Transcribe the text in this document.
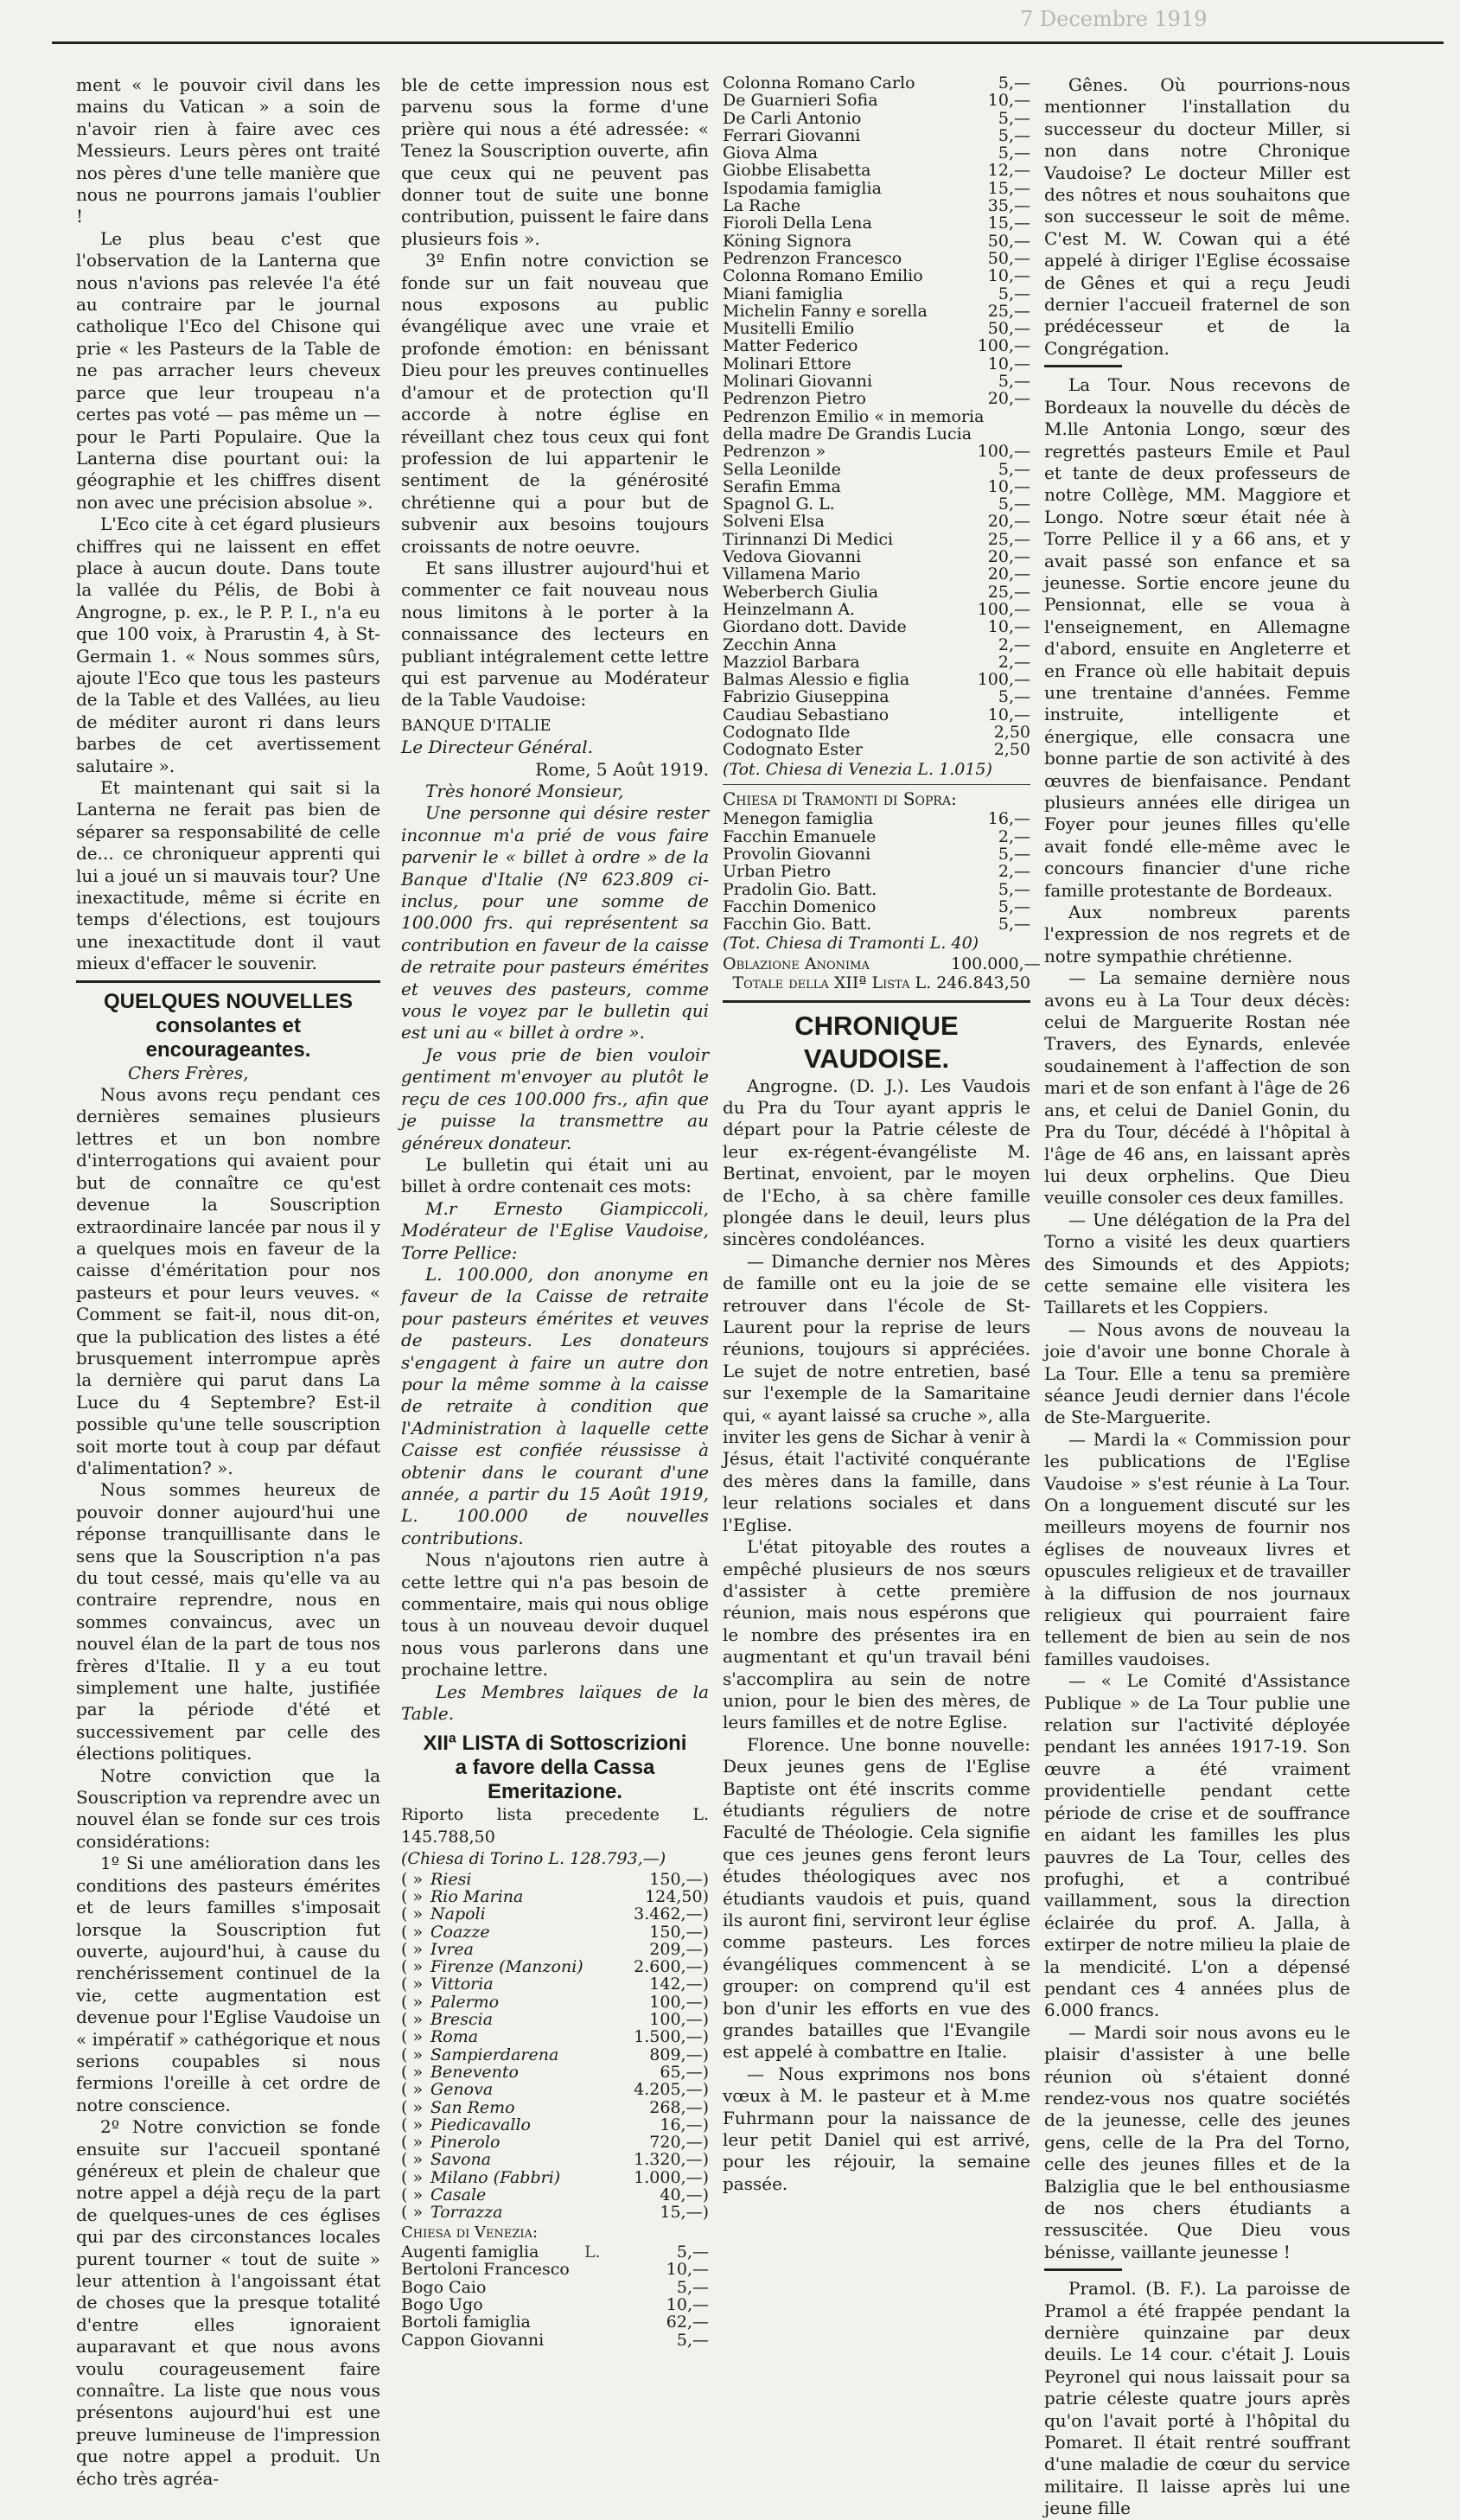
7 Decembre 1919

ment « le pouvoir civil dans les mains du Vatican » a soin de n'avoir rien à faire avec ces Messieurs. Leurs pères ont traité nos pères d'une telle manière que nous ne pourrons jamais l'oublier !

Le plus beau c'est que l'observation de la Lanterna que nous n'avions pas relevée l'a été au contraire par le journal catholique l'Eco del Chisone qui prie « les Pasteurs de la Table de ne pas arracher leurs cheveux parce que leur troupeau n'a certes pas voté — pas même un — pour le Parti Populaire. Que la Lanterna dise pourtant oui: la géographie et les chiffres disent non avec une précision absolue ».

L'Eco cite à cet égard plusieurs chiffres qui ne laissent en effet place à aucun doute. Dans toute la vallée du Pélis, de Bobi à Angrogne, p. ex., le P. P. I., n'a eu que 100 voix, à Prarustin 4, à St-Germain 1. « Nous sommes sûrs, ajoute l'Eco que tous les pasteurs de la Table et des Vallées, au lieu de méditer auront ri dans leurs barbes de cet avertissement salutaire ».

Et maintenant qui sait si la Lanterna ne ferait pas bien de séparer sa responsabilité de celle de... ce chroniqueur apprenti qui lui a joué un si mauvais tour? Une inexactitude, même si écrite en temps d'élections, est toujours une inexactitude dont il vaut mieux d'effacer le souvenir.

QUELQUES NOUVELLES
consolantes et encourageantes.

Chers Frères,

Nous avons reçu pendant ces dernières semaines plusieurs lettres et un bon nombre d'interrogations qui avaient pour but de connaître ce qu'est devenue la Souscription extraordinaire lancée par nous il y a quelques mois en faveur de la caisse d'éméritation pour nos pasteurs et pour leurs veuves. « Comment se fait-il, nous dit-on, que la publication des listes a été brusquement interrompue après la dernière qui parut dans La Luce du 4 Septembre? Est-il possible qu'une telle souscription soit morte tout à coup par défaut d'alimentation? ».

Nous sommes heureux de pouvoir donner aujourd'hui une réponse tranquillisante dans le sens que la Souscription n'a pas du tout cessé, mais qu'elle va au contraire reprendre, nous en sommes convaincus, avec un nouvel élan de la part de tous nos frères d'Italie. Il y a eu tout simplement une halte, justifiée par la période d'été et successivement par celle des élections politiques.

Notre conviction que la Souscription va reprendre avec un nouvel élan se fonde sur ces trois considérations:

1º Si une amélioration dans les conditions des pasteurs émérites et de leurs familles s'imposait lorsque la Souscription fut ouverte, aujourd'hui, à cause du renchérissement continuel de la vie, cette augmentation est devenue pour l'Eglise Vaudoise un « impératif » cathégorique et nous serions coupables si nous fermions l'oreille à cet ordre de notre conscience.

2º Notre conviction se fonde ensuite sur l'accueil spontané généreux et plein de chaleur que notre appel a déjà reçu de la part de quelques-unes de ces églises qui par des circonstances locales purent tourner « tout de suite » leur attention à l'angoissant état de choses que la presque totalité d'entre elles ignoraient auparavant et que nous avons voulu courageusement faire connaître. La liste que nous vous présentons aujourd'hui est une preuve lumineuse de l'impression que notre appel a produit. Un écho très agréa-

ble de cette impression nous est parvenu sous la forme d'une prière qui nous a été adressée: « Tenez la Souscription ouverte, afin que ceux qui ne peuvent pas donner tout de suite une bonne contribution, puissent le faire dans plusieurs fois ».

3º Enfin notre conviction se fonde sur un fait nouveau que nous exposons au public évangélique avec une vraie et profonde émotion: en bénissant Dieu pour les preuves continuelles d'amour et de protection qu'Il accorde à notre église en réveillant chez tous ceux qui font profession de lui appartenir le sentiment de la générosité chrétienne qui a pour but de subvenir aux besoins toujours croissants de notre oeuvre.

Et sans illustrer aujourd'hui et commenter ce fait nouveau nous nous limitons à le porter à la connaissance des lecteurs en publiant intégralement cette lettre qui est parvenue au Modérateur de la Table Vaudoise:

BANQUE D'ITALIE

Le Directeur Général.

Rome, 5 Août 1919.

Très honoré Monsieur,

Une personne qui désire rester inconnue m'a prié de vous faire parvenir le « billet à ordre » de la Banque d'Italie (Nº 623.809 ci-inclus, pour une somme de 100.000 frs. qui représentent sa contribution en faveur de la caisse de retraite pour pasteurs émérites et veuves des pasteurs, comme vous le voyez par le bulletin qui est uni au « billet à ordre ».

Je vous prie de bien vouloir gentiment m'envoyer au plutôt le reçu de ces 100.000 frs., afin que je puisse la transmettre au généreux donateur.

Le bulletin qui était uni au billet à ordre contenait ces mots:

M.r Ernesto Giampiccoli, Modérateur de l'Eglise Vaudoise, Torre Pellice:

L. 100.000, don anonyme en faveur de la Caisse de retraite pour pasteurs émérites et veuves de pasteurs. Les donateurs s'engagent à faire un autre don pour la même somme à la caisse de retraite à condition que l'Administration à laquelle cette Caisse est confiée réussisse à obtenir dans le courant d'une année, a partir du 15 Août 1919, L. 100.000 de nouvelles contributions.

Nous n'ajoutons rien autre à cette lettre qui n'a pas besoin de commentaire, mais qui nous oblige tous à un nouveau devoir duquel nous vous parlerons dans une prochaine lettre.

Les Membres laïques de la Table.

XIIª LISTA di Sottoscrizioni
a favore della Cassa Emeritazione.

Riporto lista precedente L. 145.788,50

(Chiesa di Torino L. 128.793,—)

( » Riesi	150,—)
( » Rio Marina	124,50)
( » Napoli	3.462,—)
( » Coazze	150,—)
( » Ivrea	209,—)
( » Firenze (Manzoni)	2.600,—)
( » Vittoria	142,—)
( » Palermo	100,—)
( » Brescia	100,—)
( » Roma	1.500,—)
( » Sampierdarena	809,—)
( » Benevento	65,—)
( » Genova	4.205,—)
( » San Remo	268,—)
( » Piedicavallo	16,—)
( » Pinerolo	720,—)
( » Savona	1.320,—)
( » Milano (Fabbri)	1.000,—)
( » Casale	40,—)
( » Torrazza	15,—)

Chiesa di Venezia:

Augenti famiglia	L.	5,—
Bertoloni Francesco	10,—
Bogo Caio	5,—
Bogo Ugo	10,—
Bortoli famiglia	62,—
Cappon Giovanni	5,—
Colonna Romano Carlo	5,—
De Guarnieri Sofia	10,—
De Carli Antonio	5,—
Ferrari Giovanni	5,—
Giova Alma	5,—
Giobbe Elisabetta	12,—
Ispodamia famiglia	15,—
La Rache	35,—
Fioroli Della Lena	15,—
Köning Signora	50,—
Pedrenzon Francesco	50,—
Colonna Romano Emilio	10,—
Miani famiglia	5,—
Michelin Fanny e sorella	25,—
Musitelli Emilio	50,—
Matter Federico	100,—
Molinari Ettore	10,—
Molinari Giovanni	5,—
Pedrenzon Pietro	20,—
Pedrenzon Emilio « in memoria
della madre De Grandis Lucia
Pedrenzon »	100,—
Sella Leonilde	5,—
Serafin Emma	10,—
Spagnol G. L.	5,—
Solveni Elsa	20,—
Tirinnanzi Di Medici	25,—
Vedova Giovanni	20,—
Villamena Mario	20,—
Weberberch Giulia	25,—
Heinzelmann A.	100,—
Giordano dott. Davide	10,—
Zecchin Anna	2,—
Mazziol Barbara	2,—
Balmas Alessio e figlia	100,—
Fabrizio Giuseppina	5,—
Caudiau Sebastiano	10,—
Codognato Ilde	2,50
Codognato Ester	2,50

(Tot. Chiesa di Venezia L. 1.015)

Chiesa di Tramonti di Sopra:

Menegon famiglia	16,—
Facchin Emanuele	2,—
Provolin Giovanni	5,—
Urban Pietro	2,—
Pradolin Gio. Batt.	5,—
Facchin Domenico	5,—
Facchin Gio. Batt.	5,—

(Tot. Chiesa di Tramonti L. 40)

Oblazione Anonima	100.000,—

Totale della XIIª Lista L. 246.843,50

CHRONIQUE VAUDOISE.

Angrogne. (D. J.). Les Vaudois du Pra du Tour ayant appris le départ pour la Patrie céleste de leur ex-régent-évangéliste M. Bertinat, envoient, par le moyen de l'Echo, à sa chère famille plongée dans le deuil, leurs plus sincères condoléances.

— Dimanche dernier nos Mères de famille ont eu la joie de se retrouver dans l'école de St-Laurent pour la reprise de leurs réunions, toujours si appréciées. Le sujet de notre entretien, basé sur l'exemple de la Samaritaine qui, « ayant laissé sa cruche », alla inviter les gens de Sichar à venir à Jésus, était l'activité conquérante des mères dans la famille, dans leur relations sociales et dans l'Eglise.

L'état pitoyable des routes a empêché plusieurs de nos sœurs d'assister à cette première réunion, mais nous espérons que le nombre des présentes ira en augmentant et qu'un travail béni s'accomplira au sein de notre union, pour le bien des mères, de leurs familles et de notre Eglise.

Florence. Une bonne nouvelle: Deux jeunes gens de l'Eglise Baptiste ont été inscrits comme étudiants réguliers de notre Faculté de Théologie. Cela signifie que ces jeunes gens feront leurs études théologiques avec nos étudiants vaudois et puis, quand ils auront fini, serviront leur église comme pasteurs. Les forces évangéliques commencent à se grouper: on comprend qu'il est bon d'unir les efforts en vue des grandes batailles que l'Evangile est appelé à combattre en Italie.

— Nous exprimons nos bons vœux à M. le pasteur et à M.me Fuhrmann pour la naissance de leur petit Daniel qui est arrivé, pour les réjouir, la semaine passée.

Gênes. Où pourrions-nous mentionner l'installation du successeur du docteur Miller, si non dans notre Chronique Vaudoise? Le docteur Miller est des nôtres et nous souhaitons que son successeur le soit de même. C'est M. W. Cowan qui a été appelé à diriger l'Eglise écossaise de Gênes et qui a reçu Jeudi dernier l'accueil fraternel de son prédécesseur et de la Congrégation.

La Tour. Nous recevons de Bordeaux la nouvelle du décès de M.lle Antonia Longo, sœur des regrettés pasteurs Emile et Paul et tante de deux professeurs de notre Collège, MM. Maggiore et Longo. Notre sœur était née à Torre Pellice il y a 66 ans, et y avait passé son enfance et sa jeunesse. Sortie encore jeune du Pensionnat, elle se voua à l'enseignement, en Allemagne d'abord, ensuite en Angleterre et en France où elle habitait depuis une trentaine d'années. Femme instruite, intelligente et énergique, elle consacra une bonne partie de son activité à des œuvres de bienfaisance. Pendant plusieurs années elle dirigea un Foyer pour jeunes filles qu'elle avait fondé elle-même avec le concours financier d'une riche famille protestante de Bordeaux.

Aux nombreux parents l'expression de nos regrets et de notre sympathie chrétienne.

— La semaine dernière nous avons eu à La Tour deux décès: celui de Marguerite Rostan née Travers, des Eynards, enlevée soudainement à l'affection de son mari et de son enfant à l'âge de 26 ans, et celui de Daniel Gonin, du Pra du Tour, décédé à l'hôpital à l'âge de 46 ans, en laissant après lui deux orphelins. Que Dieu veuille consoler ces deux familles.

— Une délégation de la Pra del Torno a visité les deux quartiers des Simounds et des Appiots; cette semaine elle visitera les Taillarets et les Coppiers.

— Nous avons de nouveau la joie d'avoir une bonne Chorale à La Tour. Elle a tenu sa première séance Jeudi dernier dans l'école de Ste-Marguerite.

— Mardi la « Commission pour les publications de l'Eglise Vaudoise » s'est réunie à La Tour. On a longuement discuté sur les meilleurs moyens de fournir nos églises de nouveaux livres et opuscules religieux et de travailler à la diffusion de nos journaux religieux qui pourraient faire tellement de bien au sein de nos familles vaudoises.

— « Le Comité d'Assistance Publique » de La Tour publie une relation sur l'activité déployée pendant les années 1917-19. Son œuvre a été vraiment providentielle pendant cette période de crise et de souffrance en aidant les familles les plus pauvres de La Tour, celles des profughi, et a contribué vaillamment, sous la direction éclairée du prof. A. Jalla, à extirper de notre milieu la plaie de la mendicité. L'on a dépensé pendant ces 4 années plus de 6.000 francs.

— Mardi soir nous avons eu le plaisir d'assister à une belle réunion où s'étaient donné rendez-vous nos quatre sociétés de la jeunesse, celle des jeunes gens, celle de la Pra del Torno, celle des jeunes filles et de la Balziglia que le bel enthousiasme de nos chers étudiants a ressuscitée. Que Dieu vous bénisse, vaillante jeunesse !

Pramol. (B. F.). La paroisse de Pramol a été frappée pendant la dernière quinzaine par deux deuils. Le 14 cour. c'était J. Louis Peyronel qui nous laissait pour sa patrie céleste quatre jours après qu'on l'avait porté à l'hôpital du Pomaret. Il était rentré souffrant d'une maladie de cœur du service militaire. Il laisse après lui une jeune fille
